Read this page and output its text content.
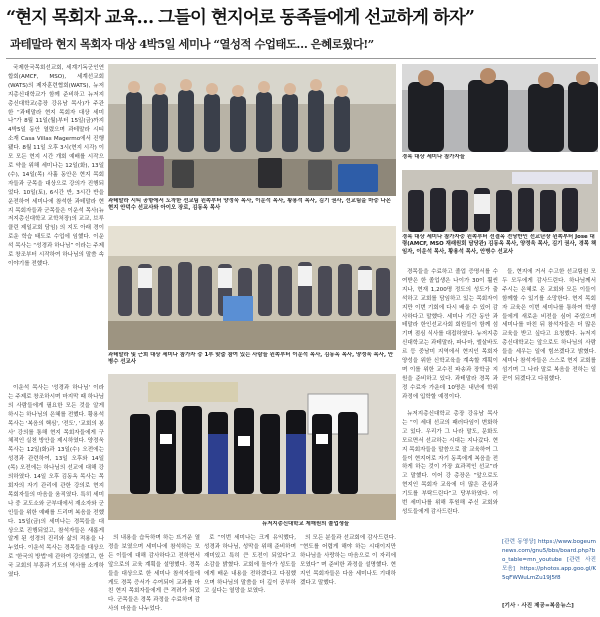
“현지 목회자 교육… 그들이 현지어로 동족들에게 선교하게 하자”
과테말라 현지 목회자 대상 4박5일 세미나 “열성적 수업태도… 은혜로웠다!”

국제한국목회선교회, 세계기독군인연합회(AMCF, MSO), 세계선교회(WATS)의 제자훈련협회(WATS), 뉴저지총신대학교가 함께 준비하고 뉴저지총신대학교(총장 강유남 목사)가 주관한 “과테말라 현지 목회자 대상 세미나”가 8월 11일(월)부터 15일(금)까지 4박5일 동안 열렸으며 과테말라 시티 소재 Casa Villas Magermo에서 진행됐다. 8월 11일 오후 3시(현지 시각) 이모 모든 현지 시간 개회 예배를 시작으로 약을 위해 세미나는 12일(화), 13일(수), 14일(목) 사흘 동안은 현지 목회자들과 군목을 대상으로 강의가 진행되었다. 10일(토), 6시간 반, 3시간 반을 운전하여 세미나에 참석한 과테말라 현지 목회자들과 군목들은 이운석 목사(뉴저지총신대학교 교학처장)의 교교, 브루클린 제일교회 담임) 의 지도 아래 경이로운 학습 태도로 수업에 임했다. 이운석 목사는 “성경과 하나님” 이라는 주제로 창조부터 시작하여 하나님의 말씀 속 이야기를 전했다.

이운석 목사는 '성경과 하나님' 이라는 주제로 창조하시며 마지막 때 하나님의 사람들에게 필요한 모든 것을 알게 하시는 하나님의 은혜를 전했다. 황용석 목사는 '복음의 핵심', '전도', '교회의 봉사' 강의를 통해 현지 목회자들에게 구체적인 실천 방안을 제시하였다. 양정욱 목사는 12일(화)과 13일(수) 오전에는 성경과 관련하여, 13일 오후와 14일(목) 오전에는 하나님의 선교에 대해 강의하였다. 14일 오후 김동옥 목사는 목회자의 자기 관리에 관한 강의로 현지 목회자들의 마음을 움직였다. 특히 세미나 중 교도소와 군부대에서 재소자와 군인들을 위한 예배를 드리며 복음을 전했다. 15일(금)의 세미나는 경목들을 대상으로 진행되었고, 참석자들은 새롭게 알게 된 성경의 진리와 삶의 적용을 나누었다. 이운석 목사는 경목들을 대상으로 '한국의 방법'에 관하여 강의했고, 한국 교회의 부흥과 기도의 역사를 소개하였다.

과테말라 시티 공항에서 도착한 선교팀 윈쪽부터 양정욱 목사, 이운석 목사, 황용석 목사, 김기 권사, 선교팀을 마중 나온 현지 안덕수 선교사와 아이오 장로, 김동옥 목사
과테말라 및 근희 대상 세미나 참가자 중 1부 맞춤 참여 있는 사람들 윈쪽부터 이운석 목사, 김동옥 목사, 양정욱 목사, 안병수 선교사
뉴저지총신대학교 제해원의 졸업생들
경목 대상 세미나 참가자들
경목 대상 세미나 참가자중 윈쪽부터 선결옥 전당반인 선교단장 윈쪽부터 Jose 대령(AMCF, MSO 재래원회 담당관) 김동옥 목사, 양정욱 목사, 김기 권사, 경목 책임자, 이운석 목사, 황용석 목사, 안병수 선교사

의 내용을 습득하며 하는 뜨거운 열정을 보였으며 세미나에 참석하는 모든 이들에 대해 감사하다고 전하면서 앞으로의 교육 계획을 설명했다. 경목들을 대상으로 한 세미나 참석자들에게도 경목 증서가 수여되어 교과를 마친 현지 목회자들에게 큰 격려가 되었다. 군목들은 경목 과정을 수료하며 감사의 마음을 나누었다.

로 “이번 세미나는 크게 유익했다, 성경과 하나님, 성막을 위해 준비하며 재미있고 특히 큰 도전이 되었다”고 소감을 밝혔다. 교회에 돌아가 성도들에게 배운 내용을 전하겠다고 다짐했으며 하나님의 말씀을 더 깊이 공부하고 싶다는 열망을 보였다.

의 모든 분들과 선교회에 감사드린다. “현도를 어렵게 해야 하는 시대이지만 하나님을 사랑하는 마음으로 이 자리에 모였다” 며 준비한 과정을 설명했다. 현지인 목회자들은 다음 세미나도 기대하겠다고 말했다.

경목들을 수료하고 졸업 증명서를 수여받은 한 졸업생은 나이가 30이 훨씬 지나, 현재 1,200명 정도의 성도가 출석하고 교회를 담임하고 있는 목회자이지만 이번 기회에 다시 배울 수 있어 감사하다고 말했다. 세미나 기간 동안 과테말라 한인선교사회 회원들이 함께 섬기며 점심 식사를 대접하였다. 뉴저지총신대학교는 과테말라, 파나마, 엘살바도르 등 중남미 지역에서 현지인 목회자 양성을 위한 신학교육을 계속할 계획이며 이를 위한 교수진 파송과 장학금 지원을 준비하고 있다. 과테말라 경목 과정 수료자 가운데 10명은 내년에 학위 과정에 입학할 예정이다.

뉴저지총신대학교 총장 강유남 목사는 “이 세대 선교의 패러다임이 변화하고 있다. 우리가 그 나라 말도, 문화도 모르면서 선교하는 시대는 지나갔다. 현지 목회자들을 말씀으로 잘 교육하여 그들이 현지어로 자기 동족에게 복음을 전하게 하는 것이 가장 효과적인 선교”라고 말했다. 이어 강 총장은 “앞으로도 현지인 목회자 교육에 더 많은 관심과 기도를 부탁드린다”고 당부하였다. 이번 세미나를 위해 후원해 주신 교회와 성도들에게 감사드린다.

들, 현지에 거서 수고한 선교팀원 모두 모두에게 감사드린다. 하나님께서 주시는 은혜로 온 교회와 모든 이들이 함께할 수 있기를 소망한다. 현지 목회자 교육은 이번 세미나를 통하여 학생들에게 새로운 비전을 심어 주었으며 세미나를 마친 뒤 참석자들은 더 많은 교육을 받고 싶다고 요청했다. 뉴저지총신대학교는 앞으로도 하나님의 사람들을 세우는 일에 힘쓰겠다고 밝혔다. 세미나 참석자들은 스스로 현지 교회를 섬기며 그 나라 말로 복음을 전하는 일꾼이 되겠다고 다짐했다.

[관련 동영상] https://www.bogeumnews.com/gnu5/bbs/board.php?bo_table=mn_youtube [관련 사진 모음] https://photos.app.goo.gl/K5qFWWuLmZu19J5f8
[기사 · 사진 제공=복음뉴스]
